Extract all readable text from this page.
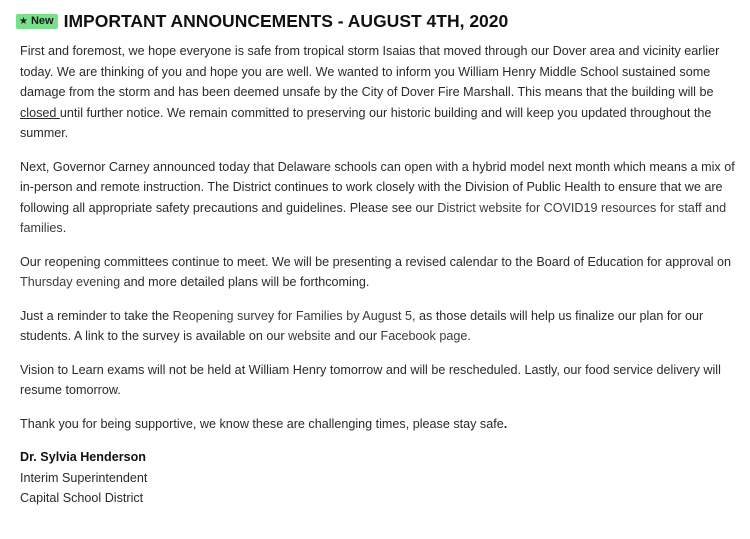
★ New IMPORTANT ANNOUNCEMENTS - AUGUST 4TH, 2020

First and foremost, we hope everyone is safe from tropical storm Isaias that moved through our Dover area and vicinity earlier today. We are thinking of you and hope you are well. We wanted to inform you William Henry Middle School sustained some damage from the storm and has been deemed unsafe by the City of Dover Fire Marshall. This means that the building will be closed until further notice. We remain committed to preserving our historic building and will keep you updated throughout the summer.

Next, Governor Carney announced today that Delaware schools can open with a hybrid model next month which means a mix of in-person and remote instruction. The District continues to work closely with the Division of Public Health to ensure that we are following all appropriate safety precautions and guidelines. Please see our District website for COVID19 resources for staff and families.

Our reopening committees continue to meet. We will be presenting a revised calendar to the Board of Education for approval on Thursday evening and more detailed plans will be forthcoming.

Just a reminder to take the Reopening survey for Families by August 5, as those details will help us finalize our plan for our students. A link to the survey is available on our website and our Facebook page.

Vision to Learn exams will not be held at William Henry tomorrow and will be rescheduled. Lastly, our food service delivery will resume tomorrow.

Thank you for being supportive, we know these are challenging times, please stay safe.

Dr. Sylvia Henderson
Interim Superintendent
Capital School District
